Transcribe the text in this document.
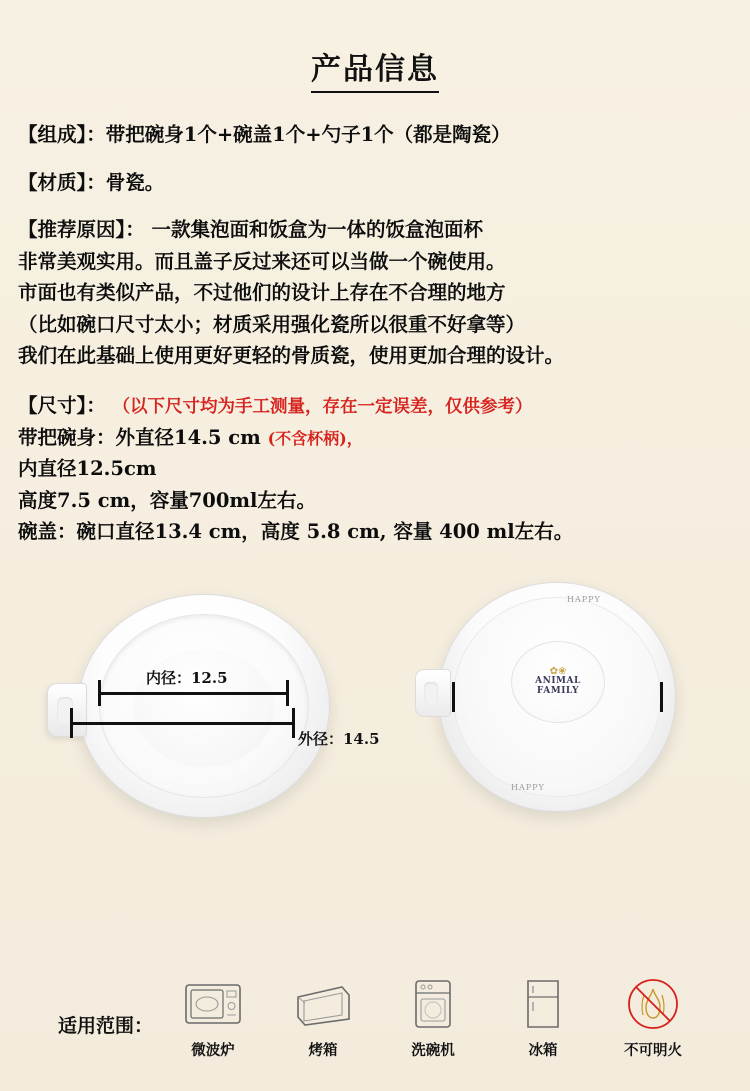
产品信息

【组成】：带把碗身1个+碗盖1个+勺子1个（都是陶瓷）

【材质】：骨瓷。

【推荐原因】： 一款集泡面和饭盒为一体的饭盒泡面杯

非常美观实用。而且盖子反过来还可以当做一个碗使用。

市面也有类似产品，不过他们的设计上存在不合理的地方

（比如碗口尺寸太小；材质采用强化瓷所以很重不好拿等）

我们在此基础上使用更好更轻的骨质瓷，使用更加合理的设计。

【尺寸】： （以下尺寸均为手工测量，存在一定误差，仅供参考）

带把碗身：外直径14.5 cm (不含杯柄)，

内直径12.5cm

高度7.5 cm，容量700ml左右。

碗盖：碗口直径13.4 cm，高度 5.8 cm, 容量 400 ml左右。

内径：12.5
外径：14.5
✿❀
ANIMAL
FAMILY
HAPPY
HAPPY
适用范围：
微波炉	烤箱	洗碗机	冰箱	不可明火
